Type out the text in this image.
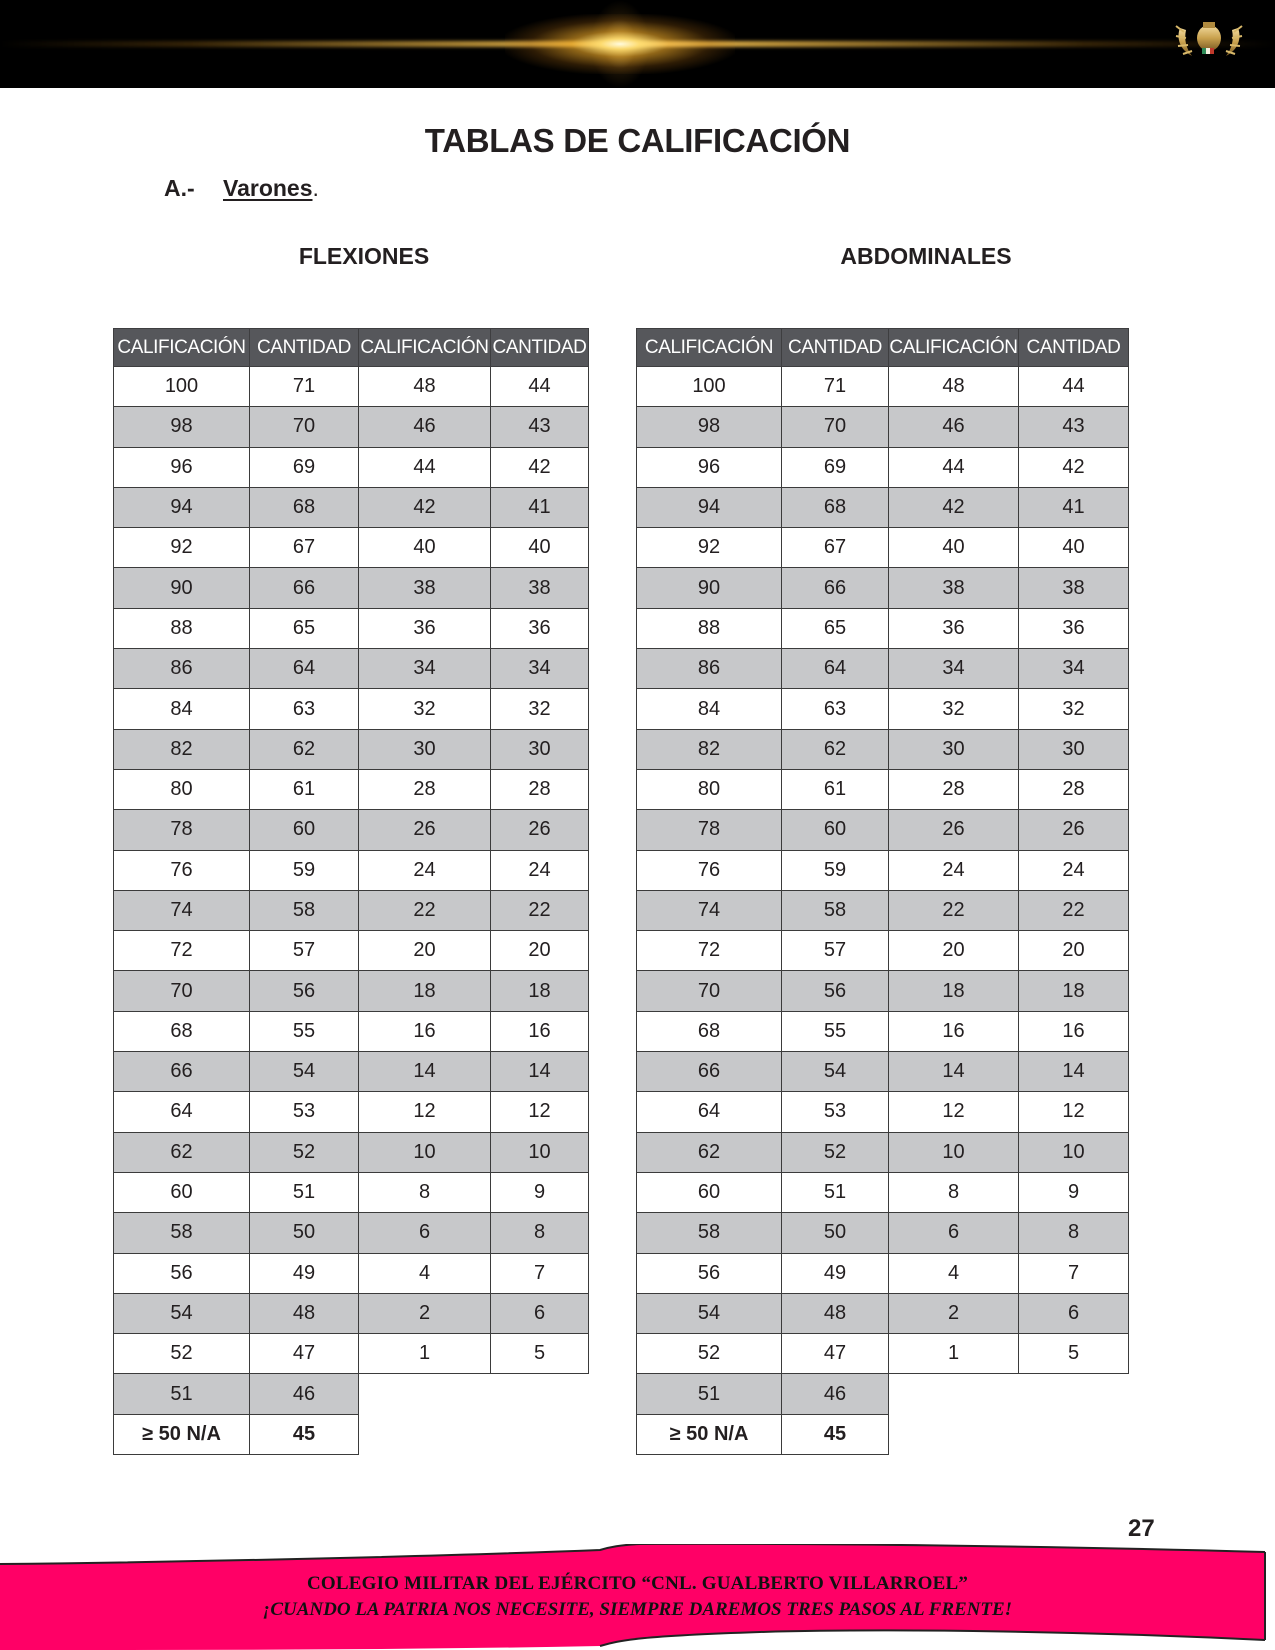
TABLAS DE CALIFICACIÓN
A.- Varones.
FLEXIONES	ABDOMINALES
CALIFICACIÓN	CANTIDAD	CALIFICACIÓN	CANTIDAD
100	71	48	44
98	70	46	43
96	69	44	42
94	68	42	41
92	67	40	40
90	66	38	38
88	65	36	36
86	64	34	34
84	63	32	32
82	62	30	30
80	61	28	28
78	60	26	26
76	59	24	24
74	58	22	22
72	57	20	20
70	56	18	18
68	55	16	16
66	54	14	14
64	53	12	12
62	52	10	10
60	51	8	9
58	50	6	8
56	49	4	7
54	48	2	6
52	47	1	5
51	46		
≥ 50 N/A	45		
CALIFICACIÓN	CANTIDAD	CALIFICACIÓN	CANTIDAD
100	71	48	44
98	70	46	43
96	69	44	42
94	68	42	41
92	67	40	40
90	66	38	38
88	65	36	36
86	64	34	34
84	63	32	32
82	62	30	30
80	61	28	28
78	60	26	26
76	59	24	24
74	58	22	22
72	57	20	20
70	56	18	18
68	55	16	16
66	54	14	14
64	53	12	12
62	52	10	10
60	51	8	9
58	50	6	8
56	49	4	7
54	48	2	6
52	47	1	5
51	46		
≥ 50 N/A	45		
27
COLEGIO MILITAR DEL EJÉRCITO “CNL. GUALBERTO VILLARROEL”
¡CUANDO LA PATRIA NOS NECESITE, SIEMPRE DAREMOS TRES PASOS AL FRENTE!
